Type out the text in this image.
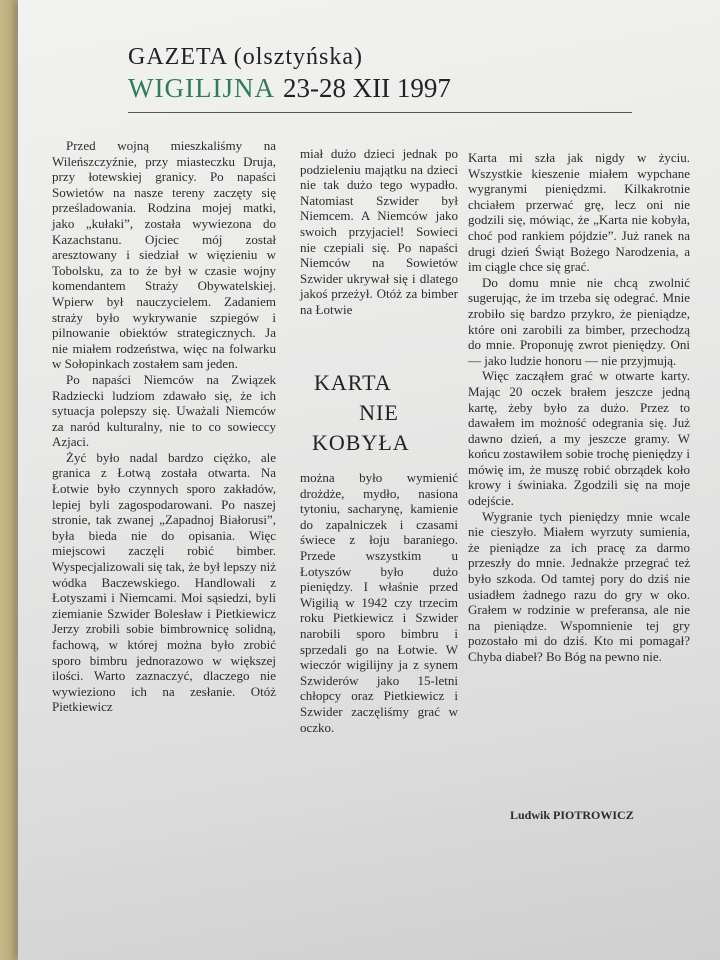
GAZETA (olsztyńska)
WIGILIJNA 23-28 XII 1997

Przed wojną mieszkaliśmy na Wileńszczyźnie, przy miasteczku Druja, przy łotewskiej granicy. Po napaści Sowietów na nasze tereny zaczęty się prześladowania. Rodzina mojej matki, jako „kułaki”, została wywiezona do Kazachstanu. Ojciec mój został aresztowany i siedział w więzieniu w Tobolsku, za to że był w czasie wojny komendantem Straży Obywatelskiej. Wpierw był nauczycielem. Zadaniem straży było wykrywanie szpiegów i pilnowanie obiektów strategicznych. Ja nie miałem rodzeństwa, więc na folwarku w Sołopinkach zostałem sam jeden.

Po napaści Niemców na Związek Radziecki ludziom zdawało się, że ich sytuacja polepszy się. Uważali Niemców za naród kulturalny, nie to co sowieccy Azjaci.

Żyć było nadal bardzo ciężko, ale granica z Łotwą została otwarta. Na Łotwie było czynnych sporo zakładów, lepiej byli zagospodarowani. Po naszej stronie, tak zwanej „Zapadnoj Białorusi”, była bieda nie do opisania. Więc miejscowi zaczęli robić bimber. Wyspecjalizowali się tak, że był lepszy niż wódka Baczewskiego. Handlowali z Łotyszami i Niemcami. Moi sąsiedzi, byli ziemianie Szwider Bolesław i Pietkiewicz Jerzy zrobili sobie bimbrownicę solidną, fachową, w której można było zrobić sporo bimbru jednorazowo w większej ilości. Warto zaznaczyć, dlaczego nie wywieziono ich na zesłanie. Otóż Pietkiewicz

miał dużo dzieci jednak po podzieleniu majątku na dzieci nie tak dużo tego wypadło. Natomiast Szwider był Niemcem. A Niemców jako swoich przyjaciel! Sowieci nie czepiali się. Po napaści Niemców na Sowietów Szwider ukrywał się i dlatego jakoś przeżył. Otóż za bimber na Łotwie

KARTA
NIE
KOBYŁA

można było wymienić drożdże, mydło, nasiona tytoniu, sacharynę, kamienie do zapalniczek i czasami świece z łoju baraniego. Przede wszystkim u Łotyszów było dużo pieniędzy. I właśnie przed Wigilią w 1942 czy trzecim roku Pietkiewicz i Szwider narobili sporo bimbru i sprzedali go na Łotwie. W wieczór wigilijny ja z synem Szwiderów jako 15-letni chłopcy oraz Pietkiewicz i Szwider zaczęliśmy grać w oczko.

Karta mi szła jak nigdy w życiu. Wszystkie kieszenie miałem wypchane wygranymi pieniędzmi. Kilkakrotnie chciałem przerwać grę, lecz oni nie godzili się, mówiąc, że „Karta nie kobyła, choć pod rankiem pójdzie”. Już ranek na drugi dzień Świąt Bożego Narodzenia, a im ciągle chce się grać.

Do domu mnie nie chcą zwolnić sugerując, że im trzeba się odegrać. Mnie zrobiło się bardzo przykro, że pieniądze, które oni zarobili za bimber, przechodzą do mnie. Proponuję zwrot pieniędzy. Oni — jako ludzie honoru — nie przyjmują.

Więc zacząłem grać w otwarte karty. Mając 20 oczek brałem jeszcze jedną kartę, żeby było za dużo. Przez to dawałem im możność odegrania się. Już dawno dzień, a my jeszcze gramy. W końcu zostawiłem sobie trochę pieniędzy i mówię im, że muszę robić obrządek koło krowy i świniaka. Zgodzili się na moje odejście.

Wygranie tych pieniędzy mnie wcale nie cieszyło. Miałem wyrzuty sumienia, że pieniądze za ich pracę za darmo przeszły do mnie. Jednakże przegrać też było szkoda. Od tamtej pory do dziś nie usiadłem żadnego razu do gry w oko. Grałem w rodzinie w preferansa, ale nie na pieniądze. Wspomnienie tej gry pozostało mi do dziś. Kto mi pomagał? Chyba diabeł? Bo Bóg na pewno nie.

Ludwik PIOTROWICZ
